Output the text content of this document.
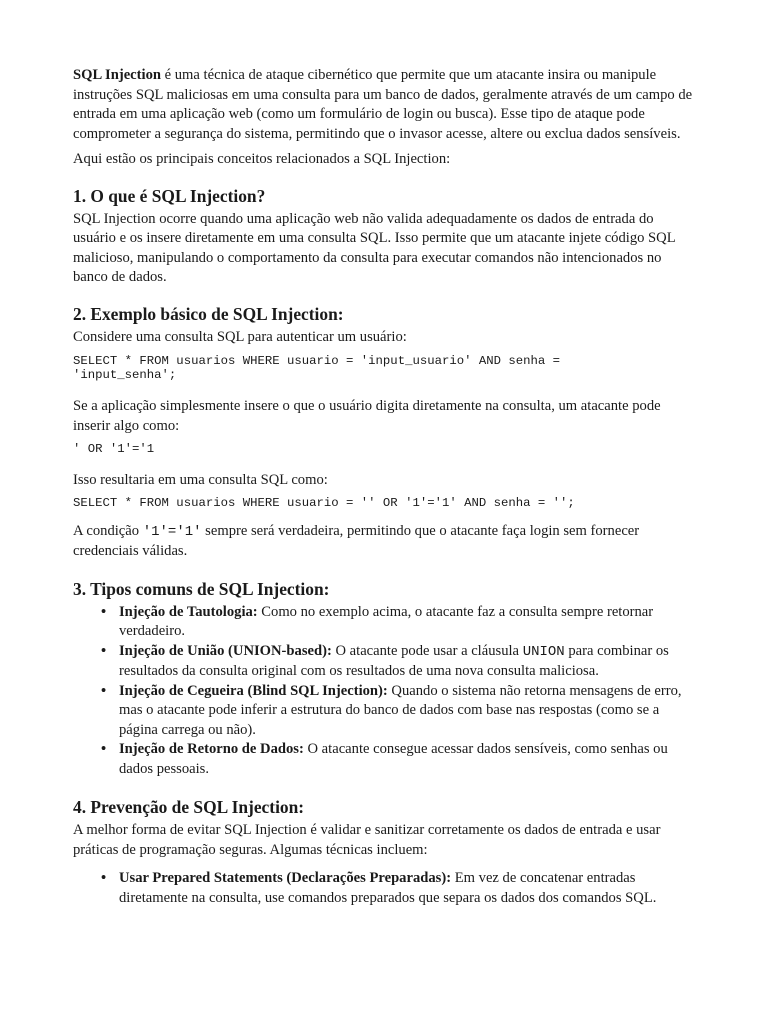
SQL Injection é uma técnica de ataque cibernético que permite que um atacante insira ou manipule instruções SQL maliciosas em uma consulta para um banco de dados, geralmente através de um campo de entrada em uma aplicação web (como um formulário de login ou busca). Esse tipo de ataque pode comprometer a segurança do sistema, permitindo que o invasor acesse, altere ou exclua dados sensíveis.

Aqui estão os principais conceitos relacionados a SQL Injection:

1. O que é SQL Injection?

SQL Injection ocorre quando uma aplicação web não valida adequadamente os dados de entrada do usuário e os insere diretamente em uma consulta SQL. Isso permite que um atacante injete código SQL malicioso, manipulando o comportamento da consulta para executar comandos não intencionados no banco de dados.

2. Exemplo básico de SQL Injection:

Considere uma consulta SQL para autenticar um usuário:

SELECT * FROM usuarios WHERE usuario = 'input_usuario' AND senha =
'input_senha';

Se a aplicação simplesmente insere o que o usuário digita diretamente na consulta, um atacante pode inserir algo como:

' OR '1'='1

Isso resultaria em uma consulta SQL como:

SELECT * FROM usuarios WHERE usuario = '' OR '1'='1' AND senha = '';

A condição '1'='1' sempre será verdadeira, permitindo que o atacante faça login sem fornecer credenciais válidas.

3. Tipos comuns de SQL Injection:
• Injeção de Tautologia: Como no exemplo acima, o atacante faz a consulta sempre retornar verdadeiro.
• Injeção de União (UNION-based): O atacante pode usar a cláusula UNION para combinar os resultados da consulta original com os resultados de uma nova consulta maliciosa.
• Injeção de Cegueira (Blind SQL Injection): Quando o sistema não retorna mensagens de erro, mas o atacante pode inferir a estrutura do banco de dados com base nas respostas (como se a página carrega ou não).
• Injeção de Retorno de Dados: O atacante consegue acessar dados sensíveis, como senhas ou dados pessoais.
4. Prevenção de SQL Injection:

A melhor forma de evitar SQL Injection é validar e sanitizar corretamente os dados de entrada e usar práticas de programação seguras. Algumas técnicas incluem:

• Usar Prepared Statements (Declarações Preparadas): Em vez de concatenar entradas diretamente na consulta, use comandos preparados que separa os dados dos comandos SQL.
